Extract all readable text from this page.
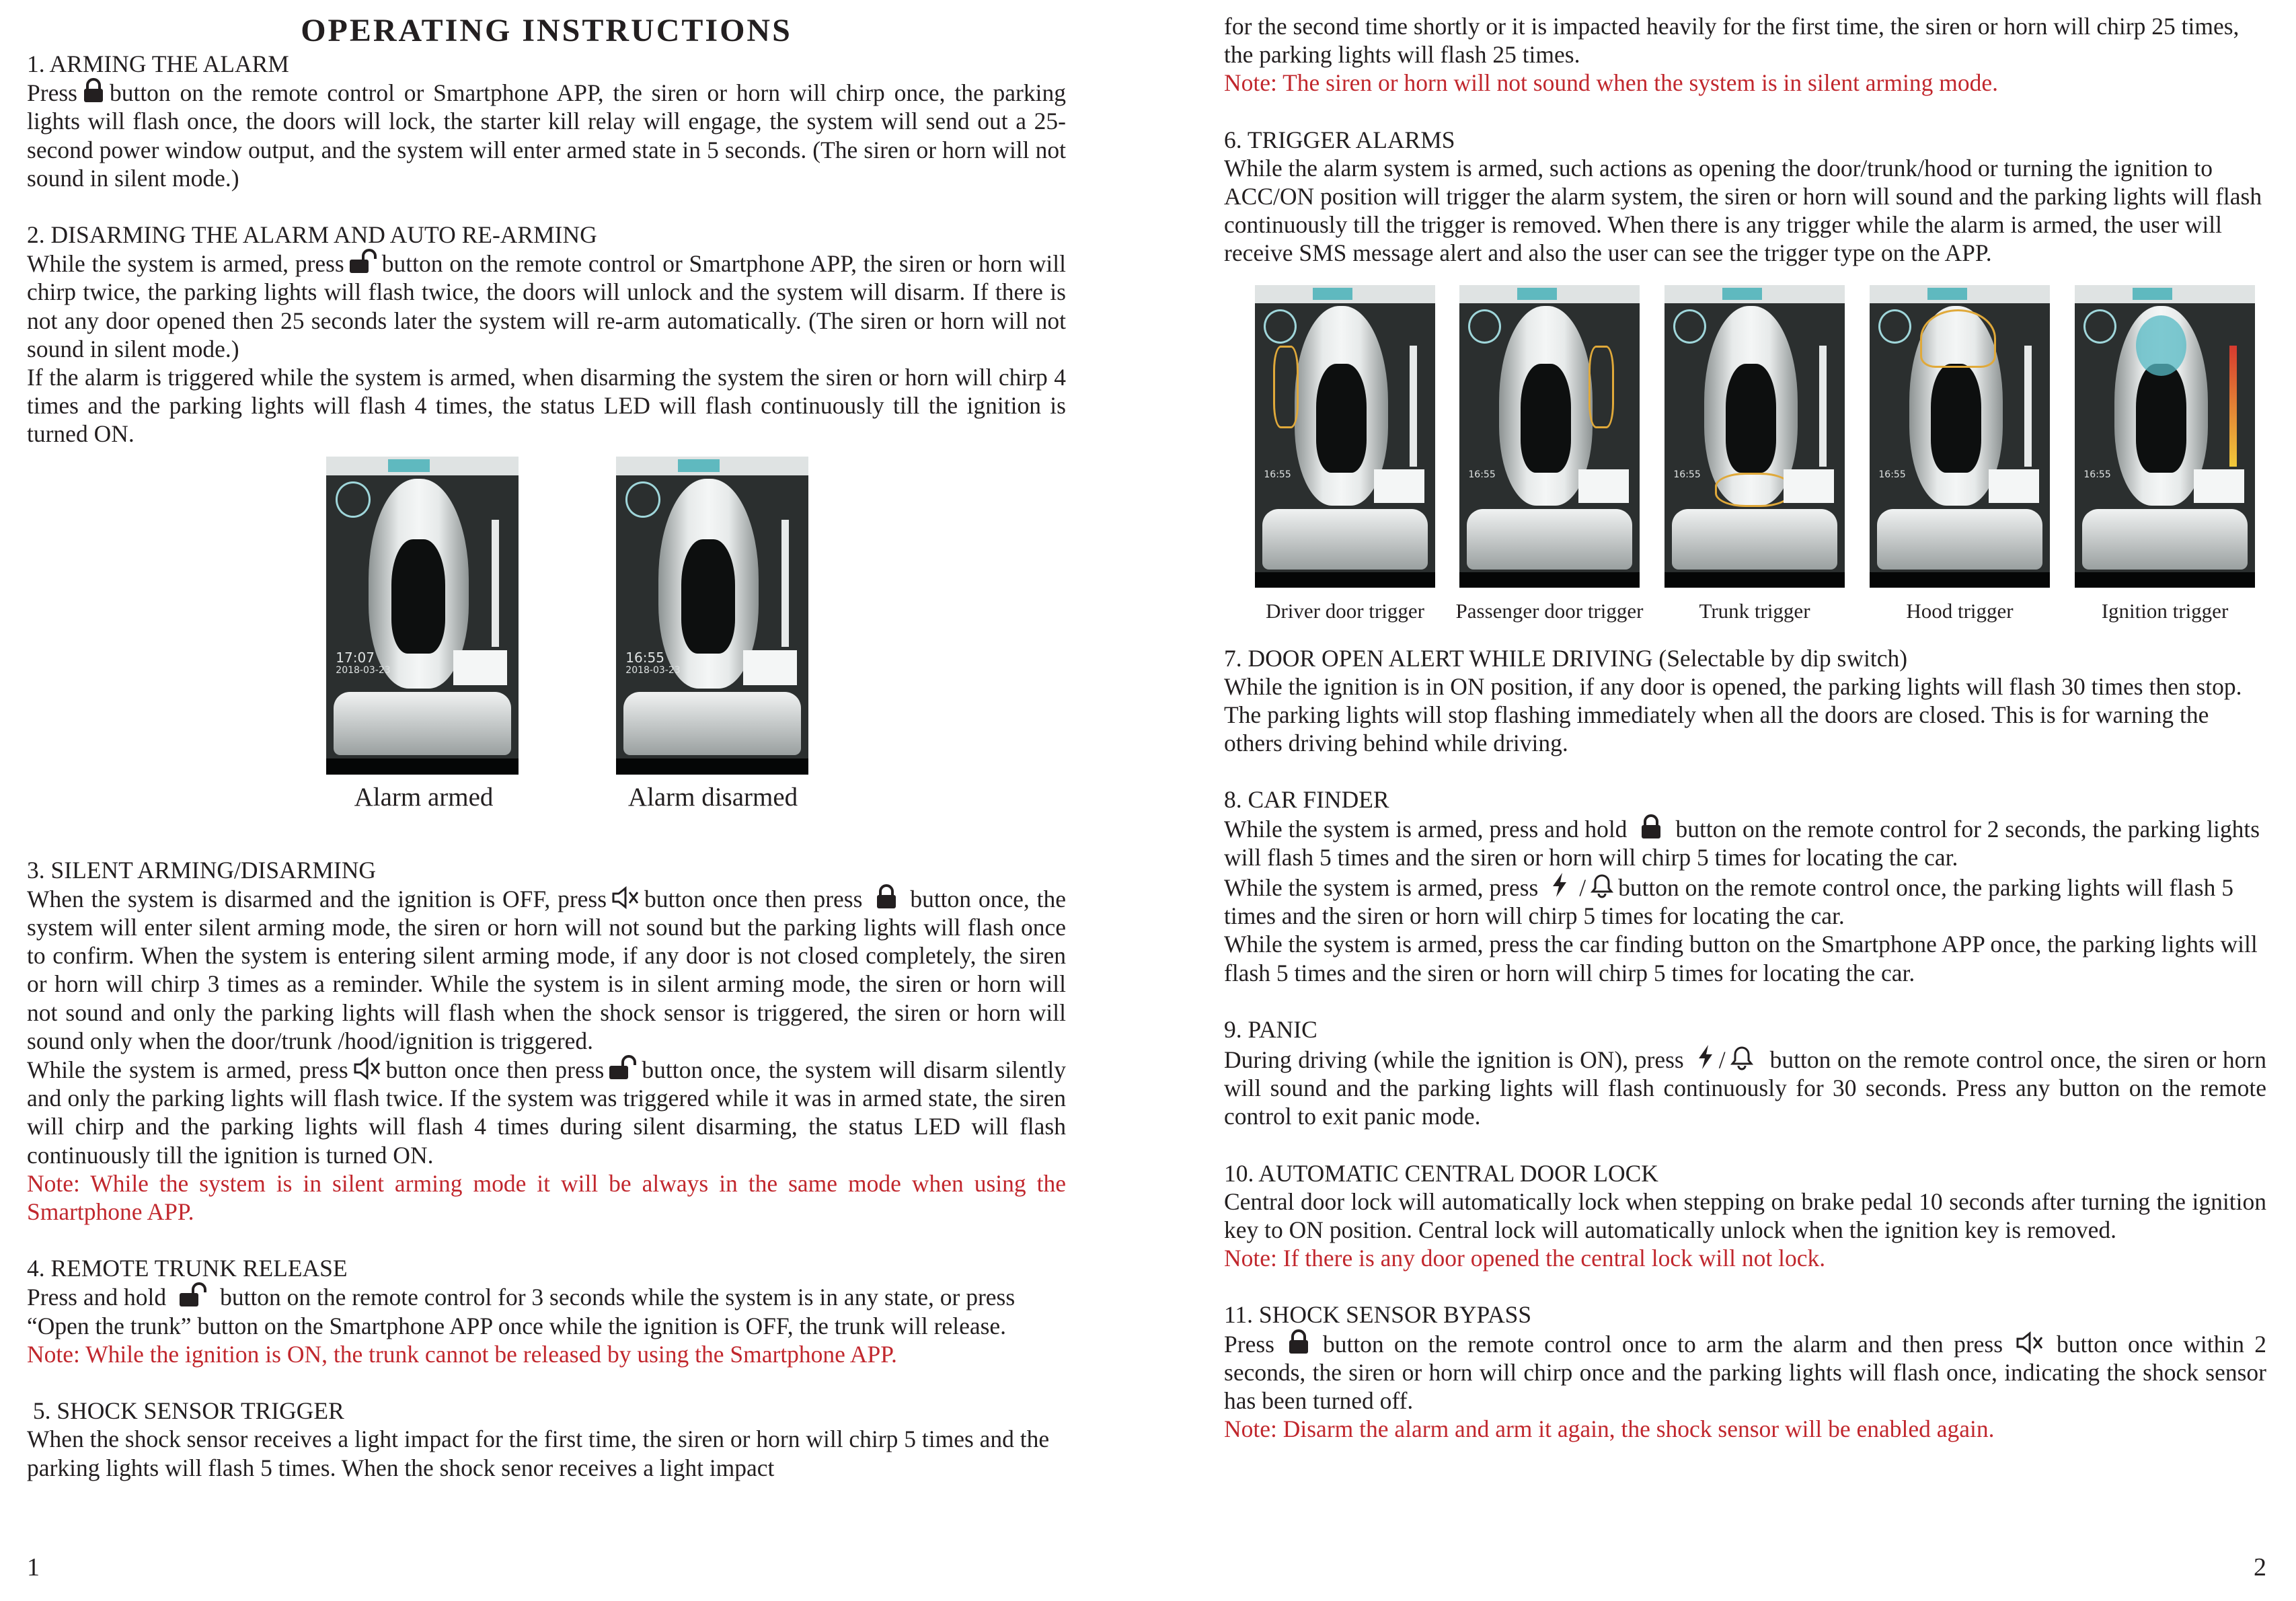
OPERATING INSTRUCTIONS

1. ARMING THE ALARM

Press button on the remote control or Smartphone APP, the siren or horn will chirp once, the parking lights will flash once, the doors will lock, the starter kill relay will engage, the system will send out a 25-second power window output, and the system will enter armed state in 5 seconds. (The siren or horn will not sound in silent mode.)

2. DISARMING THE ALARM AND AUTO RE-ARMING

While the system is armed, press button on the remote control or Smartphone APP, the siren or horn will chirp twice, the parking lights will flash twice, the doors will unlock and the system will disarm. If there is not any door opened then 25 seconds later the system will re-arm automatically. (The siren or horn will not sound in silent mode.)

If the alarm is triggered while the system is armed, when disarming the system the siren or horn will chirp 4 times and the parking lights will flash 4 times, the status LED will flash continuously till the ignition is turned ON.

17:07
2018-03-23
Alarm armed
16:55
2018-03-23
Alarm disarmed

3. SILENT ARMING/DISARMING

When the system is disarmed and the ignition is OFF, press button once then press button once, the system will enter silent arming mode, the siren or horn will not sound but the parking lights will flash once to confirm. When the system is entering silent arming mode, if any door is not closed completely, the siren or horn will chirp 3 times as a reminder. While the system is in silent arming mode, the siren or horn will not sound and only the parking lights will flash when the shock sensor is triggered, the siren or horn will sound only when the door/trunk /hood/ignition is triggered.

While the system is armed, press button once then press button once, the system will disarm silently and only the parking lights will flash twice. If the system was triggered while it was in armed state, the siren will chirp and the parking lights will flash 4 times during silent disarming, the status LED will flash continuously till the ignition is turned ON.

Note: While the system is in silent arming mode it will be always in the same mode when using the Smartphone APP.

4. REMOTE TRUNK RELEASE

Press and hold button on the remote control for 3 seconds while the system is in any state, or press “Open the trunk” button on the Smartphone APP once while the ignition is OFF, the trunk will release.

Note: While the ignition is ON, the trunk cannot be released by using the Smartphone APP.

5. SHOCK SENSOR TRIGGER

When the shock sensor receives a light impact for the first time, the siren or horn will chirp 5 times and the parking lights will flash 5 times. When the shock senor receives a light impact

1

for the second time shortly or it is impacted heavily for the first time, the siren or horn will chirp 25 times, the parking lights will flash 25 times.

Note: The siren or horn will not sound when the system is in silent arming mode.

6. TRIGGER ALARMS

While the alarm system is armed, such actions as opening the door/trunk/hood or turning the ignition to ACC/ON position will trigger the alarm system, the siren or horn will sound and the parking lights will flash continuously till the trigger is removed. When there is any trigger while the alarm is armed, the user will receive SMS message alert and also the user can see the trigger type on the APP.

16:55	16:55	16:55	16:55	16:55
Driver door trigger	Passenger door trigger	Trunk trigger	Hood trigger	Ignition trigger

7. DOOR OPEN ALERT WHILE DRIVING (Selectable by dip switch)

While the ignition is in ON position, if any door is opened, the parking lights will flash 30 times then stop. The parking lights will stop flashing immediately when all the doors are closed. This is for warning the others driving behind while driving.

8. CAR FINDER

While the system is armed, press and hold button on the remote control for 2 seconds, the parking lights will flash 5 times and the siren or horn will chirp 5 times for locating the car.

While the system is armed, press / button on the remote control once, the parking lights will flash 5 times and the siren or horn will chirp 5 times for locating the car.

While the system is armed, press the car finding button on the Smartphone APP once, the parking lights will flash 5 times and the siren or horn will chirp 5 times for locating the car.

9. PANIC

During driving (while the ignition is ON), press / button on the remote control once, the siren or horn will sound and the parking lights will flash continuously for 30 seconds. Press any button on the remote control to exit panic mode.

10. AUTOMATIC CENTRAL DOOR LOCK

Central door lock will automatically lock when stepping on brake pedal 10 seconds after turning the ignition key to ON position. Central lock will automatically unlock when the ignition key is removed.

Note: If there is any door opened the central lock will not lock.

11. SHOCK SENSOR BYPASS

Press button on the remote control once to arm the alarm and then press button once within 2 seconds, the siren or horn will chirp once and the parking lights will flash once, indicating the shock sensor has been turned off.

Note: Disarm the alarm and arm it again, the shock sensor will be enabled again.

2
